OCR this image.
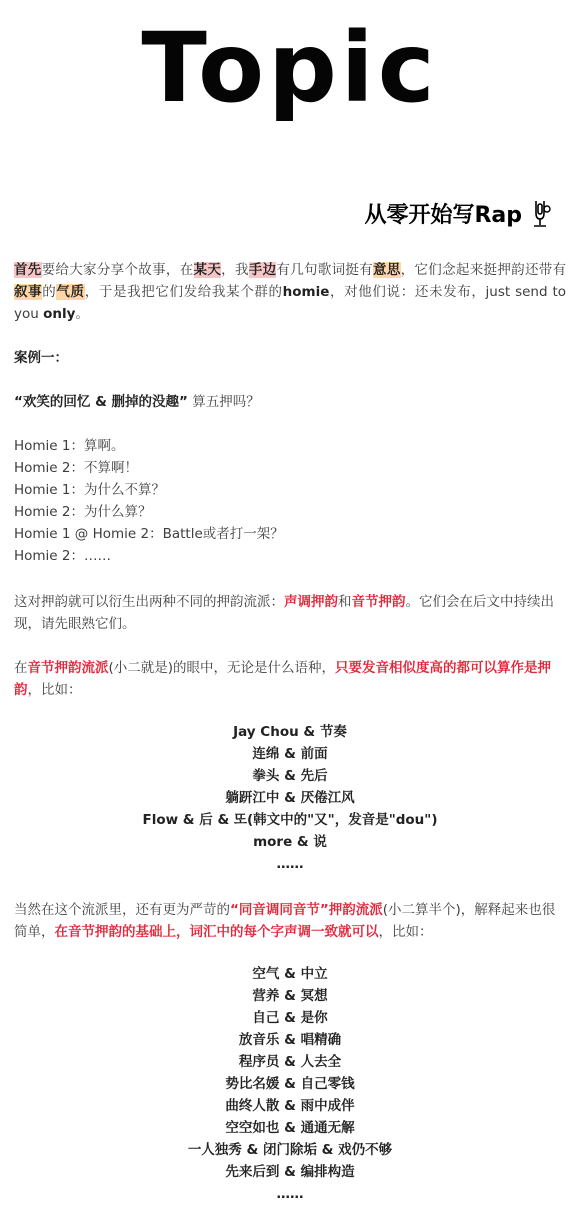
Topic
从零开始写Rap
首先要给大家分享个故事，在某天，我手边有几句歌词挺有意思，它们念起来挺押韵还带有叙事的气质，于是我把它们发给我某个群的homie，对他们说：还未发布，just send to you only。
案例一：
“欢笑的回忆 & 删掉的没趣” 算五押吗？
Homie 1：算啊。
Homie 2：不算啊！
Homie 1：为什么不算？
Homie 2：为什么算？
Homie 1 @ Homie 2：Battle或者打一架？
Homie 2：……
这对押韵就可以衍生出两种不同的押韵流派：声调押韵和音节押韵。它们会在后文中持续出现，请先眼熟它们。
在音节押韵流派(小二就是)的眼中，无论是什么语种，只要发音相似度高的都可以算作是押韵，比如：
Jay Chou & 节奏
连绵 & 前面
拳头 & 先后
躺趼江中 & 厌倦江风
Flow & 后 & 또(韩文中的"又"，发音是"dou")
more & 说
……
当然在这个流派里，还有更为严苛的“同音调同音节”押韵流派(小二算半个)，解释起来也很简单，在音节押韵的基础上，词汇中的每个字声调一致就可以，比如：
空气 & 中立
营养 & 冥想
自己 & 是你
放音乐 & 唱精确
程序员 & 人去全
势比名媛 & 自己零钱
曲终人散 & 雨中成伴
空空如也 & 通通无解
一人独秀 & 闭门除垢 & 戏仍不够
先来后到 & 编排构造
……
